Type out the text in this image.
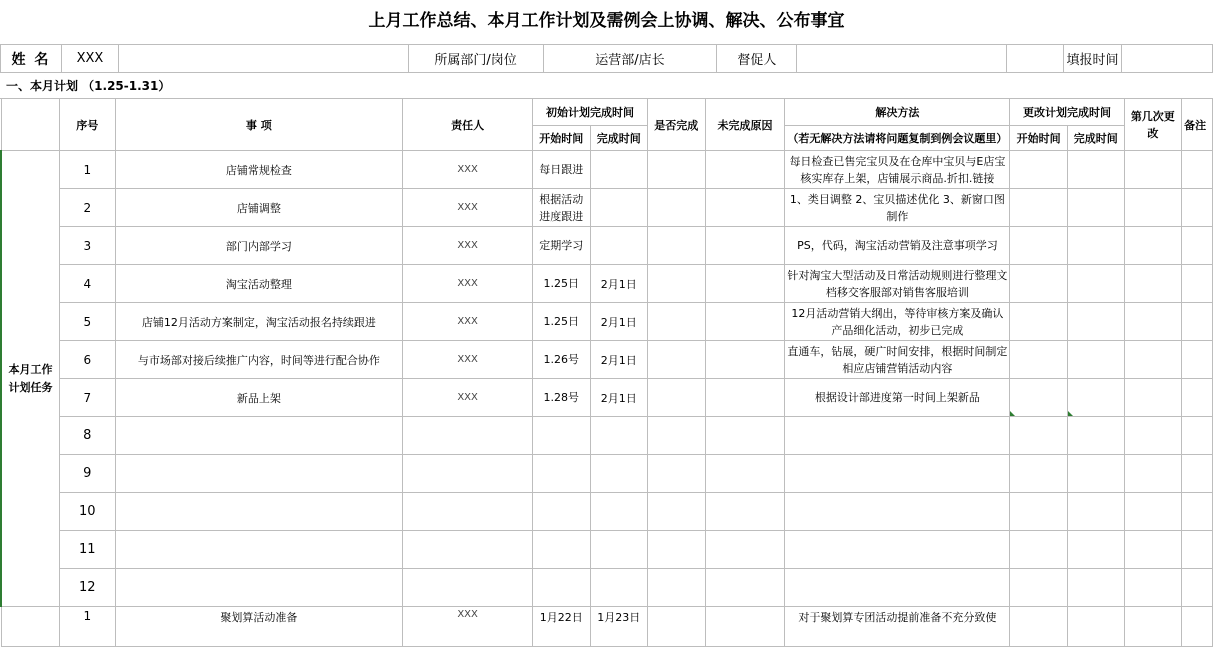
上月工作总结、本月工作计划及需例会上协调、解决、公布事宜
姓 名	XXX		所属部门/岗位	运营部/店长	督促人			填报时间	
一、本月计划 （1.25-1.31）
	序号	事 项	责任人	初始计划完成时间		是否完成	未完成原因	解决方法	更改计划完成时间		第几次更改	备注
				开始时间	完成时间			（若无解决方法请将问题复制到例会议题里）	开始时间	完成时间		
本月工作计划任务	1	店铺常规检查	XXX	每日跟进				每日检查已售完宝贝及在仓库中宝贝与E店宝核实库存上架，店铺展示商品.折扣.链接				
	2	店铺调整	XXX	根据活动进度跟进				1、类目调整 2、宝贝描述优化 3、新窗口图制作				
	3	部门内部学习	XXX	定期学习				PS，代码，淘宝活动营销及注意事项学习				
	4	淘宝活动整理	XXX	1.25日	2月1日			针对淘宝大型活动及日常活动规则进行整理文档移交客服部对销售客服培训				
	5	店铺12月活动方案制定，淘宝活动报名持续跟进	XXX	1.25日	2月1日			12月活动营销大纲出，等待审核方案及确认产品细化活动，初步已完成				
	6	与市场部对接后续推广内容，时间等进行配合协作	XXX	1.26号	2月1日			直通车，钻展，硬广时间安排，根据时间制定相应店铺营销活动内容				
	7	新品上架	XXX	1.28号	2月1日			根据设计部进度第一时间上架新品				
	8											
	9											
	10											
	11											
	12											
	1	聚划算活动准备	XXX	1月22日	1月23日			对于聚划算专团活动提前准备不充分致使				
